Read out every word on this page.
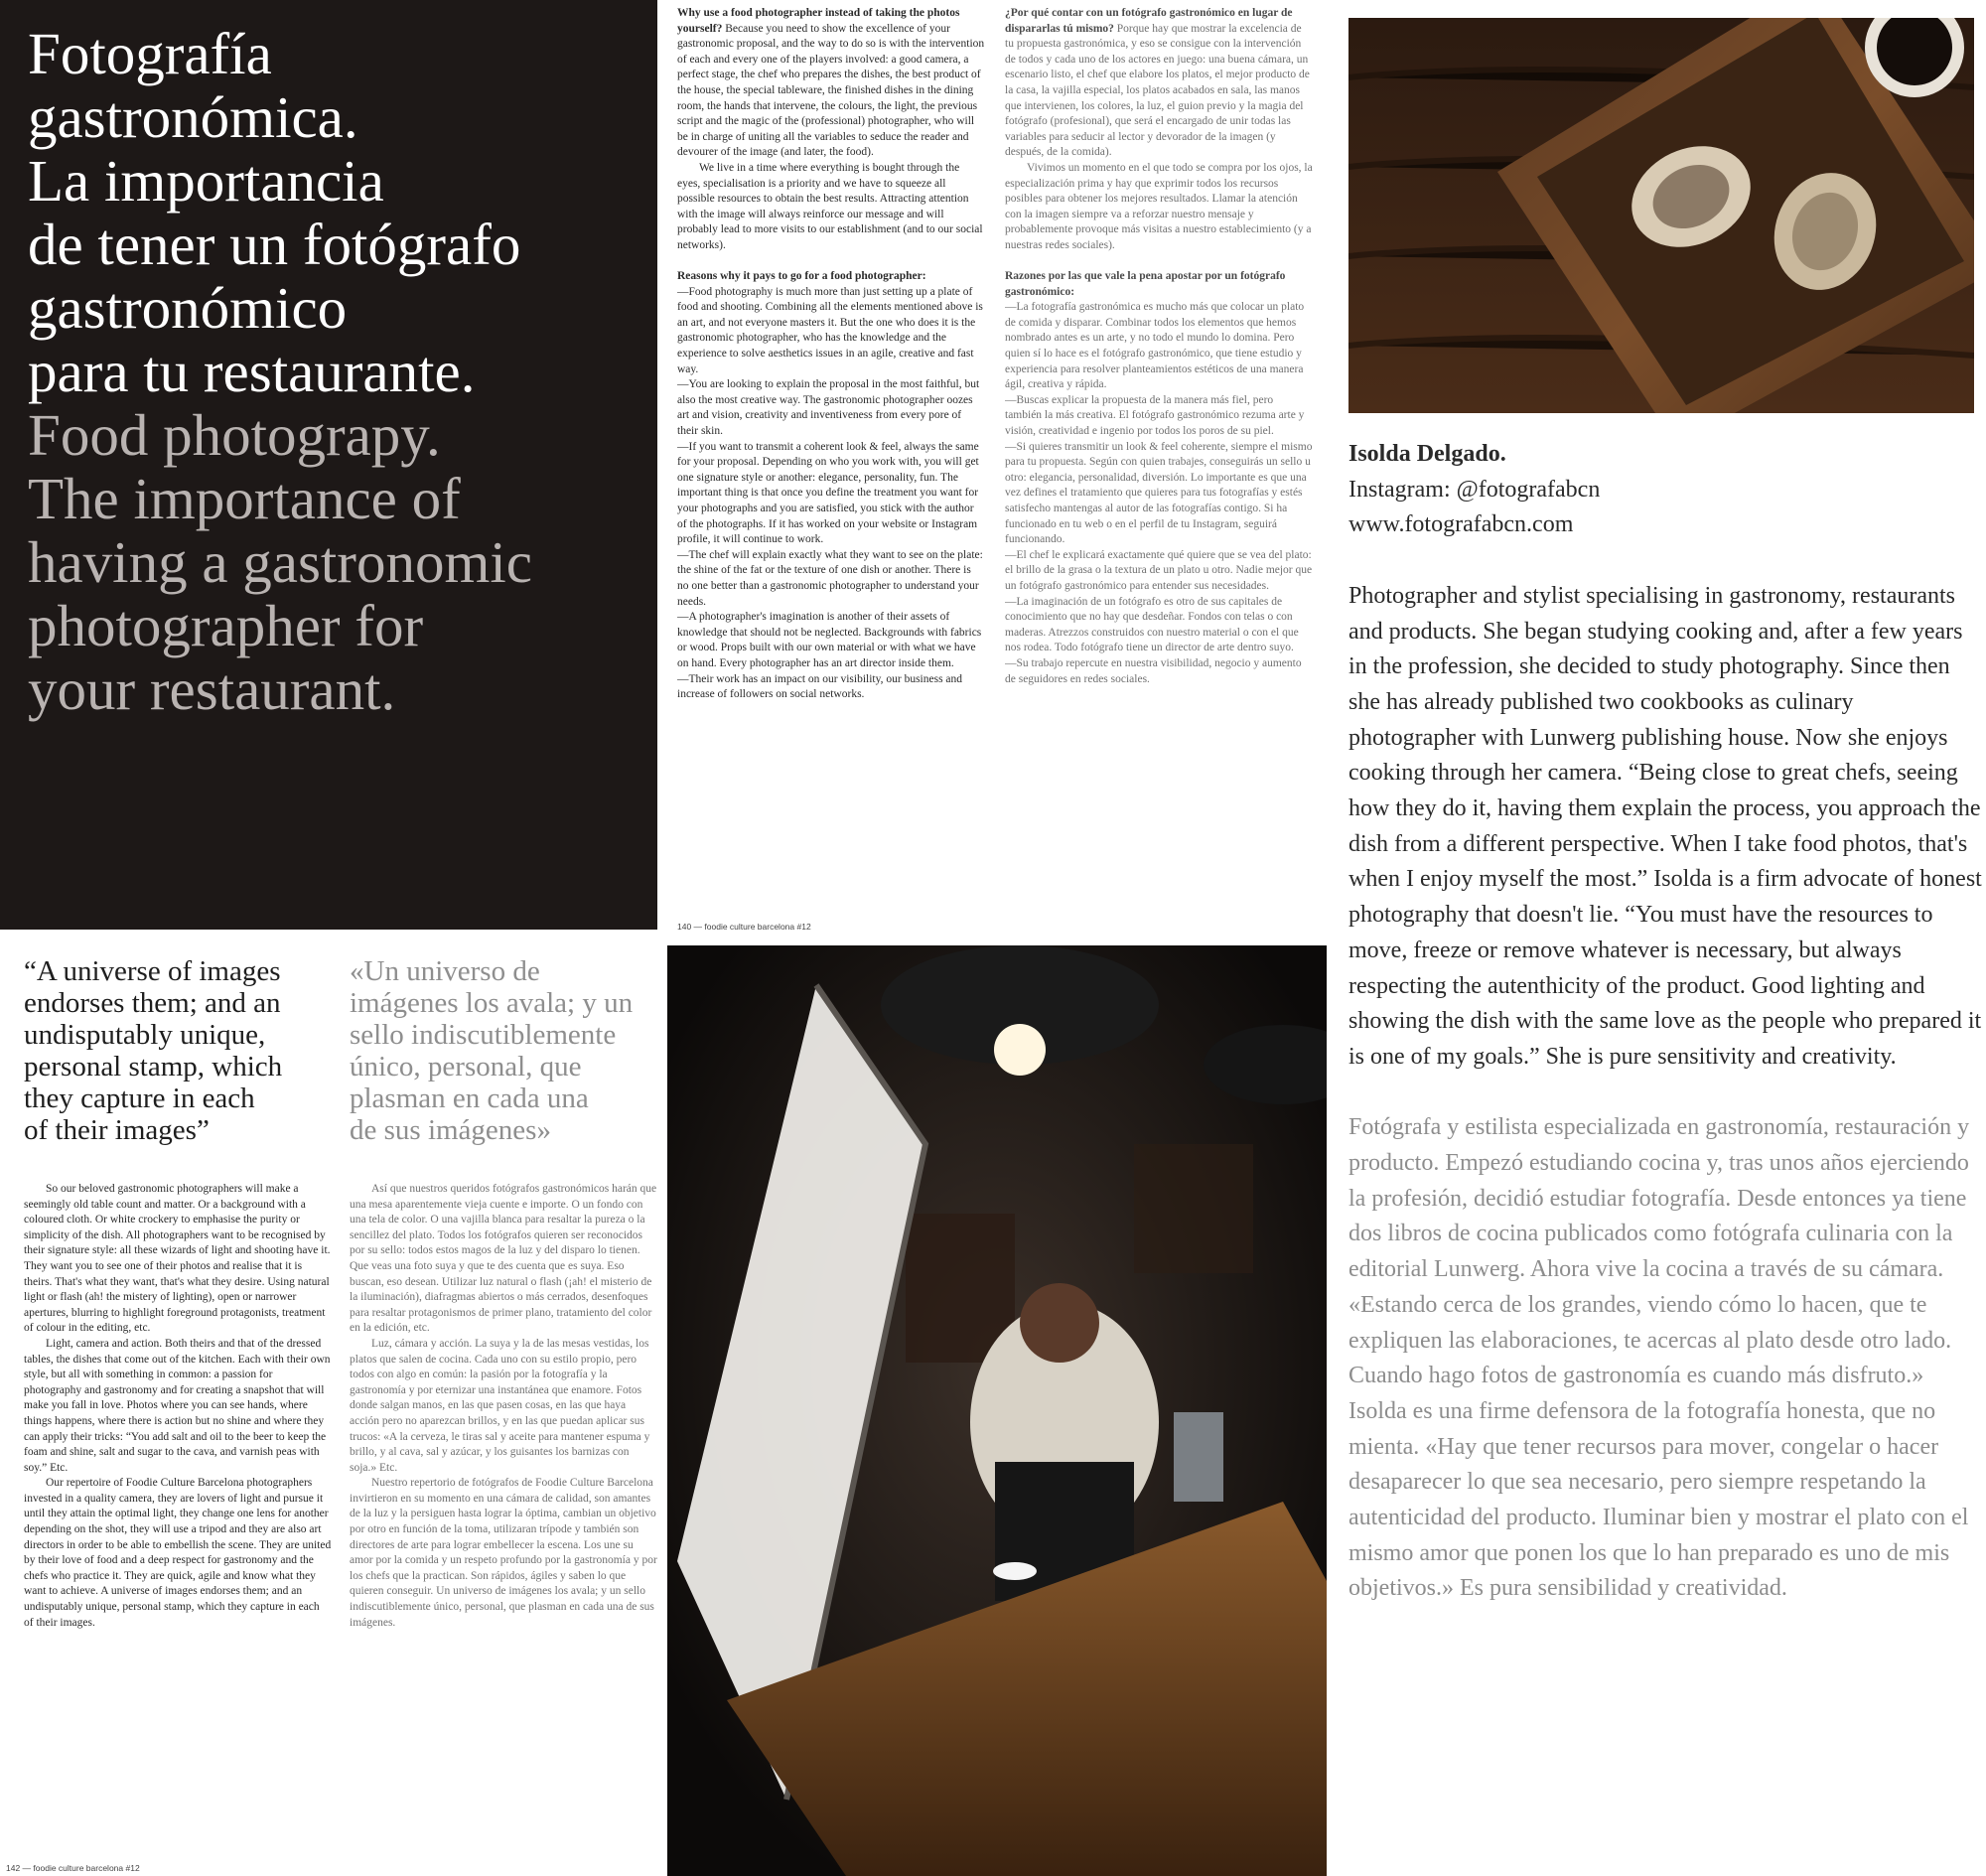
Fotografía

gastronómica.

La importancia

de tener un fotógrafo

gastronómico

para tu restaurante.

Food photograpy.

The importance of

having a gastronomic

photographer for

your restaurant.

Why use a food photographer instead of taking the photos yourself? Because you need to show the excellence of your gastronomic proposal, and the way to do so is with the intervention of each and every one of the players involved: a good camera, a perfect stage, the chef who prepares the dishes, the best product of the house, the special tableware, the finished dishes in the dining room, the hands that intervene, the colours, the light, the previous script and the magic of the (professional) photographer, who will be in charge of uniting all the variables to seduce the reader and devourer of the image (and later, the food).

We live in a time where everything is bought through the eyes, specialisation is a priority and we have to squeeze all possible resources to obtain the best results. Attracting attention with the image will always reinforce our message and will probably lead to more visits to our establishment (and to our social networks).

Reasons why it pays to go for a food photographer:

—Food photography is much more than just setting up a plate of food and shooting. Combining all the elements mentioned above is an art, and not everyone masters it. But the one who does it is the gastronomic photographer, who has the knowledge and the experience to solve aesthetics issues in an agile, creative and fast way.

—You are looking to explain the proposal in the most faithful, but also the most creative way. The gastronomic photographer oozes art and vision, creativity and inventiveness from every pore of their skin.

—If you want to transmit a coherent look & feel, always the same for your proposal. Depending on who you work with, you will get one signature style or another: elegance, personality, fun. The important thing is that once you define the treatment you want for your photographs and you are satisfied, you stick with the author of the photographs. If it has worked on your website or Instagram profile, it will continue to work.

—The chef will explain exactly what they want to see on the plate: the shine of the fat or the texture of one dish or another. There is no one better than a gastronomic photographer to understand your needs.

—A photographer's imagination is another of their assets of knowledge that should not be neglected. Backgrounds with fabrics or wood. Props built with our own material or with what we have on hand. Every photographer has an art director inside them.

—Their work has an impact on our visibility, our business and increase of followers on social networks.

140 — foodie culture barcelona #12

¿Por qué contar con un fotógrafo gastronómico en lugar de dispararlas tú mismo? Porque hay que mostrar la excelencia de tu propuesta gastronómica, y eso se consigue con la intervención de todos y cada uno de los actores en juego: una buena cámara, un escenario listo, el chef que elabore los platos, el mejor producto de la casa, la vajilla especial, los platos acabados en sala, las manos que intervienen, los colores, la luz, el guion previo y la magia del fotógrafo (profesional), que será el encargado de unir todas las variables para seducir al lector y devorador de la imagen (y después, de la comida).

Vivimos un momento en el que todo se compra por los ojos, la especialización prima y hay que exprimir todos los recursos posibles para obtener los mejores resultados. Llamar la atención con la imagen siempre va a reforzar nuestro mensaje y probablemente provoque más visitas a nuestro establecimiento (y a nuestras redes sociales).

Razones por las que vale la pena apostar por un fotógrafo gastronómico:

—La fotografía gastronómica es mucho más que colocar un plato de comida y disparar. Combinar todos los elementos que hemos nombrado antes es un arte, y no todo el mundo lo domina. Pero quien sí lo hace es el fotógrafo gastronómico, que tiene estudio y experiencia para resolver planteamientos estéticos de una manera ágil, creativa y rápida.

—Buscas explicar la propuesta de la manera más fiel, pero también la más creativa. El fotógrafo gastronómico rezuma arte y visión, creatividad e ingenio por todos los poros de su piel.

—Si quieres transmitir un look & feel coherente, siempre el mismo para tu propuesta. Según con quien trabajes, conseguirás un sello u otro: elegancia, personalidad, diversión. Lo importante es que una vez defines el tratamiento que quieres para tus fotografías y estés satisfecho mantengas al autor de las fotografías contigo. Si ha funcionado en tu web o en el perfil de tu Instagram, seguirá funcionando.

—El chef le explicará exactamente qué quiere que se vea del plato: el brillo de la grasa o la textura de un plato u otro. Nadie mejor que un fotógrafo gastronómico para entender sus necesidades.

—La imaginación de un fotógrafo es otro de sus capitales de conocimiento que no hay que desdeñar. Fondos con telas o con maderas. Atrezzos construidos con nuestro material o con el que nos rodea. Todo fotógrafo tiene un director de arte dentro suyo.

—Su trabajo repercute en nuestra visibilidad, negocio y aumento de seguidores en redes sociales.

Isolda Delgado.

Instagram: @fotografabcn

www.fotografabcn.com

Photographer and stylist specialising in gastronomy, restaurants and products. She began studying cooking and, after a few years in the profession, she decided to study photography. Since then she has already published two cookbooks as culinary photographer with Lunwerg publishing house. Now she enjoys cooking through her camera. “Being close to great chefs, seeing how they do it, having them explain the process, you approach the dish from a different perspective. When I take food photos, that's when I enjoy myself the most.” Isolda is a firm advocate of honest photography that doesn't lie. “You must have the resources to move, freeze or remove whatever is necessary, but always respecting the autenthicity of the product. Good lighting and showing the dish with the same love as the people who prepared it is one of my goals.” She is pure sensitivity and creativity.

Fotógrafa y estilista especializada en gastronomía, restauración y producto. Empezó estudiando cocina y, tras unos años ejerciendo la profesión, decidió estudiar fotografía. Desde entonces ya tiene dos libros de cocina publicados como fotógrafa culinaria con la editorial Lunwerg. Ahora vive la cocina a través de su cámara. «Estando cerca de los grandes, viendo cómo lo hacen, que te expliquen las elaboraciones, te acercas al plato desde otro lado. Cuando hago fotos de gastronomía es cuando más disfruto.» Isolda es una firme defensora de la fotografía honesta, que no mienta. «Hay que tener recursos para mover, congelar o hacer desaparecer lo que sea necesario, pero siempre respetando la autenticidad del producto. Iluminar bien y mostrar el plato con el mismo amor que ponen los que lo han preparado es uno de mis objetivos.» Es pura sensibilidad y creatividad.

“A universe of images

endorses them; and an

undisputably unique,

personal stamp, which

they capture in each

of their images”

«Un universo de

imágenes los avala; y un

sello indiscutiblemente

único, personal, que

plasman en cada una

de sus imágenes»

So our beloved gastronomic photographers will make a seemingly old table count and matter. Or a background with a coloured cloth. Or white crockery to emphasise the purity or simplicity of the dish. All photographers want to be recognised by their signature style: all these wizards of light and shooting have it. They want you to see one of their photos and realise that it is theirs. That's what they want, that's what they desire. Using natural light or flash (ah! the mistery of lighting), open or narrower apertures, blurring to highlight foreground protagonists, treatment of colour in the editing, etc.

Light, camera and action. Both theirs and that of the dressed tables, the dishes that come out of the kitchen. Each with their own style, but all with something in common: a passion for photography and gastronomy and for creating a snapshot that will make you fall in love. Photos where you can see hands, where things happens, where there is action but no shine and where they can apply their tricks: “You add salt and oil to the beer to keep the foam and shine, salt and sugar to the cava, and varnish peas with soy.” Etc.

Our repertoire of Foodie Culture Barcelona photographers invested in a quality camera, they are lovers of light and pursue it until they attain the optimal light, they change one lens for another depending on the shot, they will use a tripod and they are also art directors in order to be able to embellish the scene. They are united by their love of food and a deep respect for gastronomy and the chefs who practice it. They are quick, agile and know what they want to achieve. A universe of images endorses them; and an undisputably unique, personal stamp, which they capture in each of their images.

142 — foodie culture barcelona #12

Así que nuestros queridos fotógrafos gastronómicos harán que una mesa aparentemente vieja cuente e importe. O un fondo con una tela de color. O una vajilla blanca para resaltar la pureza o la sencillez del plato. Todos los fotógrafos quieren ser reconocidos por su sello: todos estos magos de la luz y del disparo lo tienen. Que veas una foto suya y que te des cuenta que es suya. Eso buscan, eso desean. Utilizar luz natural o flash (¡ah! el misterio de la iluminación), diafragmas abiertos o más cerrados, desenfoques para resaltar protagonismos de primer plano, tratamiento del color en la edición, etc.

Luz, cámara y acción. La suya y la de las mesas vestidas, los platos que salen de cocina. Cada uno con su estilo propio, pero todos con algo en común: la pasión por la fotografía y la gastronomía y por eternizar una instantánea que enamore. Fotos donde salgan manos, en las que pasen cosas, en las que haya acción pero no aparezcan brillos, y en las que puedan aplicar sus trucos: «A la cerveza, le tiras sal y aceite para mantener espuma y brillo, y al cava, sal y azúcar, y los guisantes los barnizas con soja.» Etc.

Nuestro repertorio de fotógrafos de Foodie Culture Barcelona invirtieron en su momento en una cámara de calidad, son amantes de la luz y la persiguen hasta lograr la óptima, cambian un objetivo por otro en función de la toma, utilizaran trípode y también son directores de arte para lograr embellecer la escena. Los une su amor por la comida y un respeto profundo por la gastronomía y por los chefs que la practican. Son rápidos, ágiles y saben lo que quieren conseguir. Un universo de imágenes los avala; y un sello indiscutiblemente único, personal, que plasman en cada una de sus imágenes.
